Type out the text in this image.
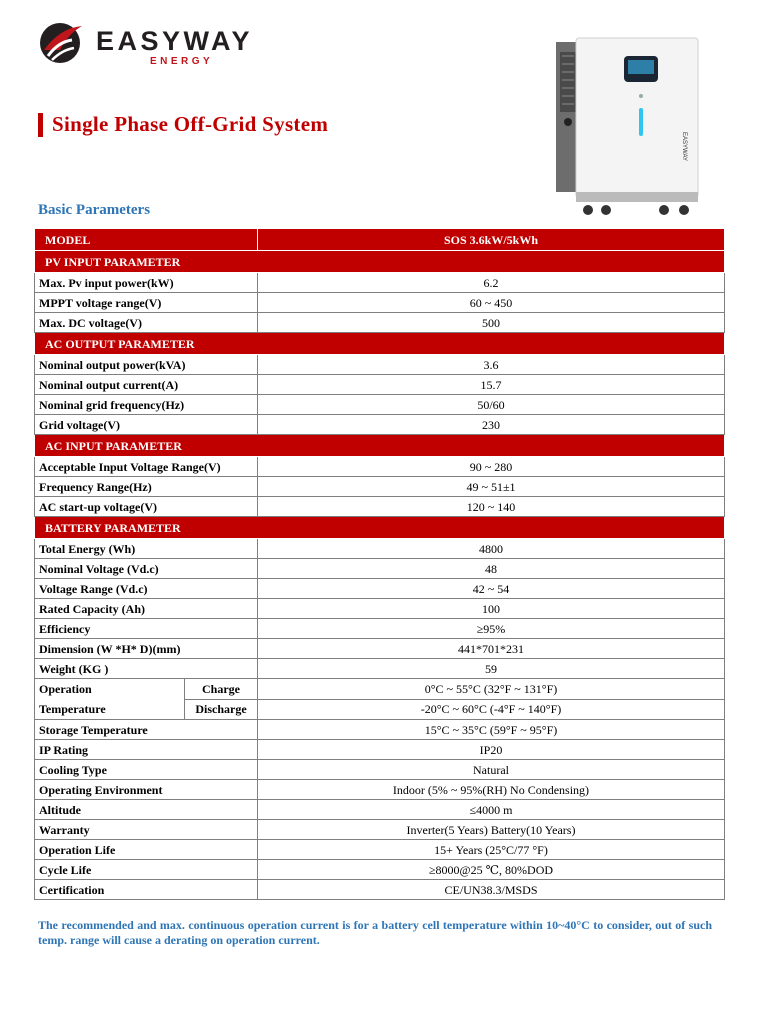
EASYWAY
ENERGY
EASYWAY
Single Phase Off-Grid System
Basic Parameters
MODEL		SOS 3.6kW/5kWh
PV INPUT PARAMETER		
Max. Pv input power(kW)		6.2
MPPT voltage range(V)		60 ~ 450
Max. DC voltage(V)		500
AC OUTPUT PARAMETER		
Nominal output power(kVA)		3.6
Nominal output current(A)		15.7
Nominal grid frequency(Hz)		50/60
Grid voltage(V)		230
AC INPUT PARAMETER		
Acceptable Input Voltage Range(V)		90 ~ 280
Frequency Range(Hz)		49 ~ 51±1
AC start-up voltage(V)		120 ~ 140
BATTERY PARAMETER		
Total Energy (Wh)		4800
Nominal Voltage (Vd.c)		48
Voltage Range (Vd.c)		42 ~ 54
Rated Capacity (Ah)		100
Efficiency		≥95%
Dimension (W *H* D)(mm)		441*701*231
Weight (KG )		59
Operation
Temperature	Charge	0°C ~ 55°C (32°F ~ 131°F)
	Discharge	-20°C ~ 60°C (-4°F ~ 140°F)
Storage Temperature		15°C ~ 35°C (59°F ~ 95°F)
IP Rating		IP20
Cooling Type		Natural
Operating Environment		Indoor (5% ~ 95%(RH) No Condensing)
Altitude		≤4000 m
Warranty		Inverter(5 Years) Battery(10 Years)
Operation Life		15+ Years (25°C/77 °F)
Cycle Life		≥8000@25 ℃, 80%DOD
Certification		CE/UN38.3/MSDS
The recommended and max. continuous operation current is for a battery cell temperature within 10~40°C to consider, out of such temp. range will cause a derating on operation current.
